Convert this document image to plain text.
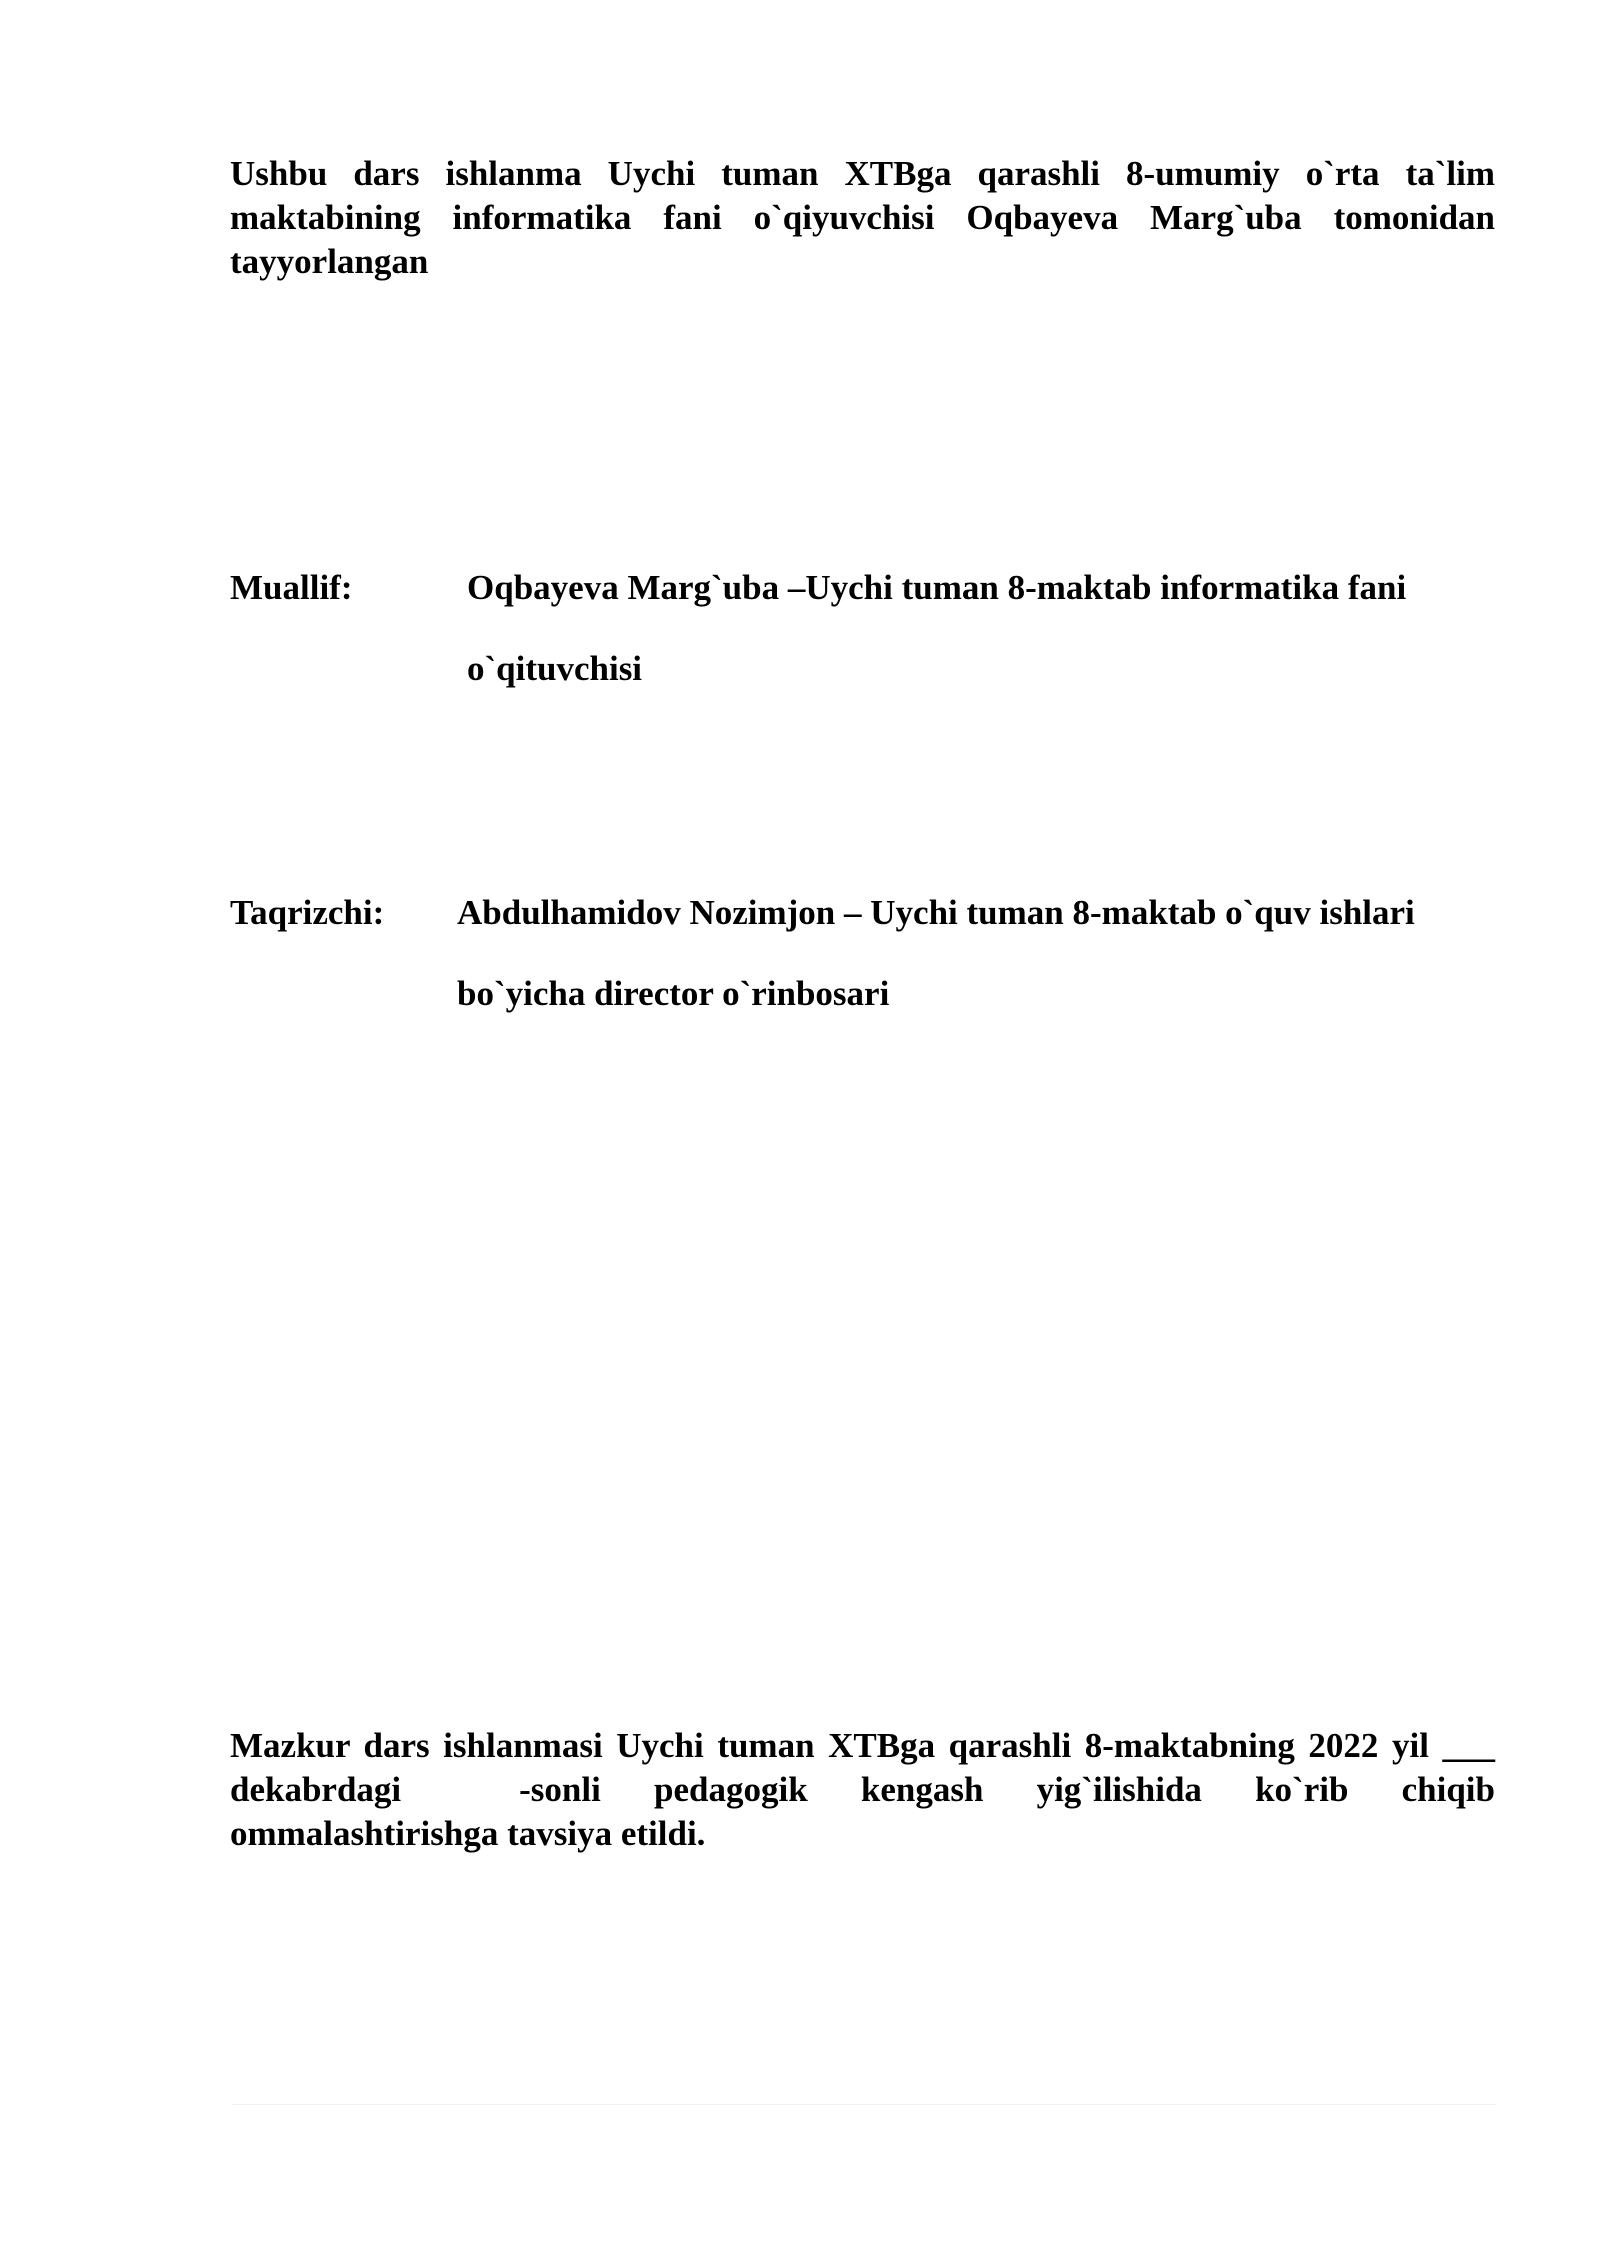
Ushbu dars ishlanma Uychi tuman XTBga qarashli 8-umumiy o`rta ta`lim maktabining informatika fani o`qiyuvchisi Oqbayeva Marg`uba tomonidan tayyorlangan

Muallif:	Oqbayeva Marg`uba –Uychi tuman 8-maktab informatika fani
o`qituvchisi
Taqrizchi: Abdulhamidov Nozimjon – Uychi tuman 8-maktab o`quv ishlari
bo`yicha director o`rinbosari

Mazkur dars ishlanmasi Uychi tuman XTBga qarashli 8-maktabning 2022 yil ___ dekabrdagi	-sonli pedagogik kengash yig`ilishida ko`rib chiqib ommalashtirishga tavsiya etildi.
